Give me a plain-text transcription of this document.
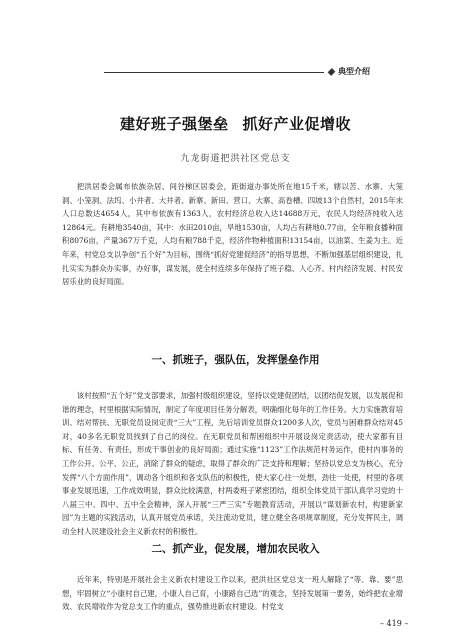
典型介绍
建好班子强堡垒 抓好产业促增收
九龙街道把洪社区党总支

把洪居委会属布依族杂居、间谷梯区居委会，距街道办事处所在地15千米，辖以苦、水寨、大笼洞、小笼洞、法坞、小井者、大井者、新寨、新田、营口、大寨、高卷槽、四坡13个自然村，2015年末人口总数达4654人，其中布依族有1363人，农村经济总收入达14688万元，农民人均经济纯收入达12864元。有耕地3540亩，其中：水田2010亩，旱地1530亩，人均占有耕地0.77亩，全年粮食播种面积8076亩，产量367万千克，人均有粮788千克，经济作物种植面积13154亩，以油菜、生姜为主。近年来，村党总支以争创“五个好”为目标，围绕“抓好党建促经济”的指导思想，不断加强基层组织建设，扎扎实实为群众办实事，办好事，谋发展，使全村连续多年保持了班子稳、人心齐、村内经济发展、村民安居乐业的良好局面。

一、抓班子，强队伍，发挥堡垒作用

该村按照“五个好”党支部要求，加强村级组织建设，坚持以党建促团结，以团结促发展，以发展促和谐的理念，村里根据实际情况，制定了年度项目任务分解表，明确细化每年的工作任务。大力实施教育培训、结对帮扶、无职党员设岗定责“三大”工程，先后培训党员群众1200多人次，党员与困难群众结对45对，40多名无职党员找到了自己的岗位。在无职党员和帮困组织中开展设岗定责活动，使大家都有目标、有任务、有责任，形成干事创业的良好局面；通过实施“1123”工作法规范村务运作，使村内事务的工作公开、公平、公正，消除了群众的疑虑，取得了群众的广泛支持和理解；坚持以党总支为核心，充分发挥“八个方面作用”，调动各个组织和各支队伍的积极性，使大家心往一处想，劲往一处使，村里的各项事业发展迅速，工作成效明显，群众比较满意，村两委班子紧密团结，组织全体党员干部认真学习党的十八届三中、四中、五中全会精神，深入开展“三严三实”专题教育活动，开展以“谋划新农村，构建新家园”为主题的实践活动，认真开展党员承诺，关注流动党员，建立健全各项规章制度，充分发挥民主，调动全村人民建设社会主义新农村的积极性。

二、抓产业，促发展，增加农民收入

近年来，特别是开展社会主义新农村建设工作以来，把洪社区党总支一班人解除了“等、靠、要”思想，牢固树立“小康村自己建，小康人自己育，小康路自己选”的观念，坚持发展第一要务，始终把农业增效、农民增收作为党总支工作的重点，强势推进新农村建设。村党支

– 419 –
